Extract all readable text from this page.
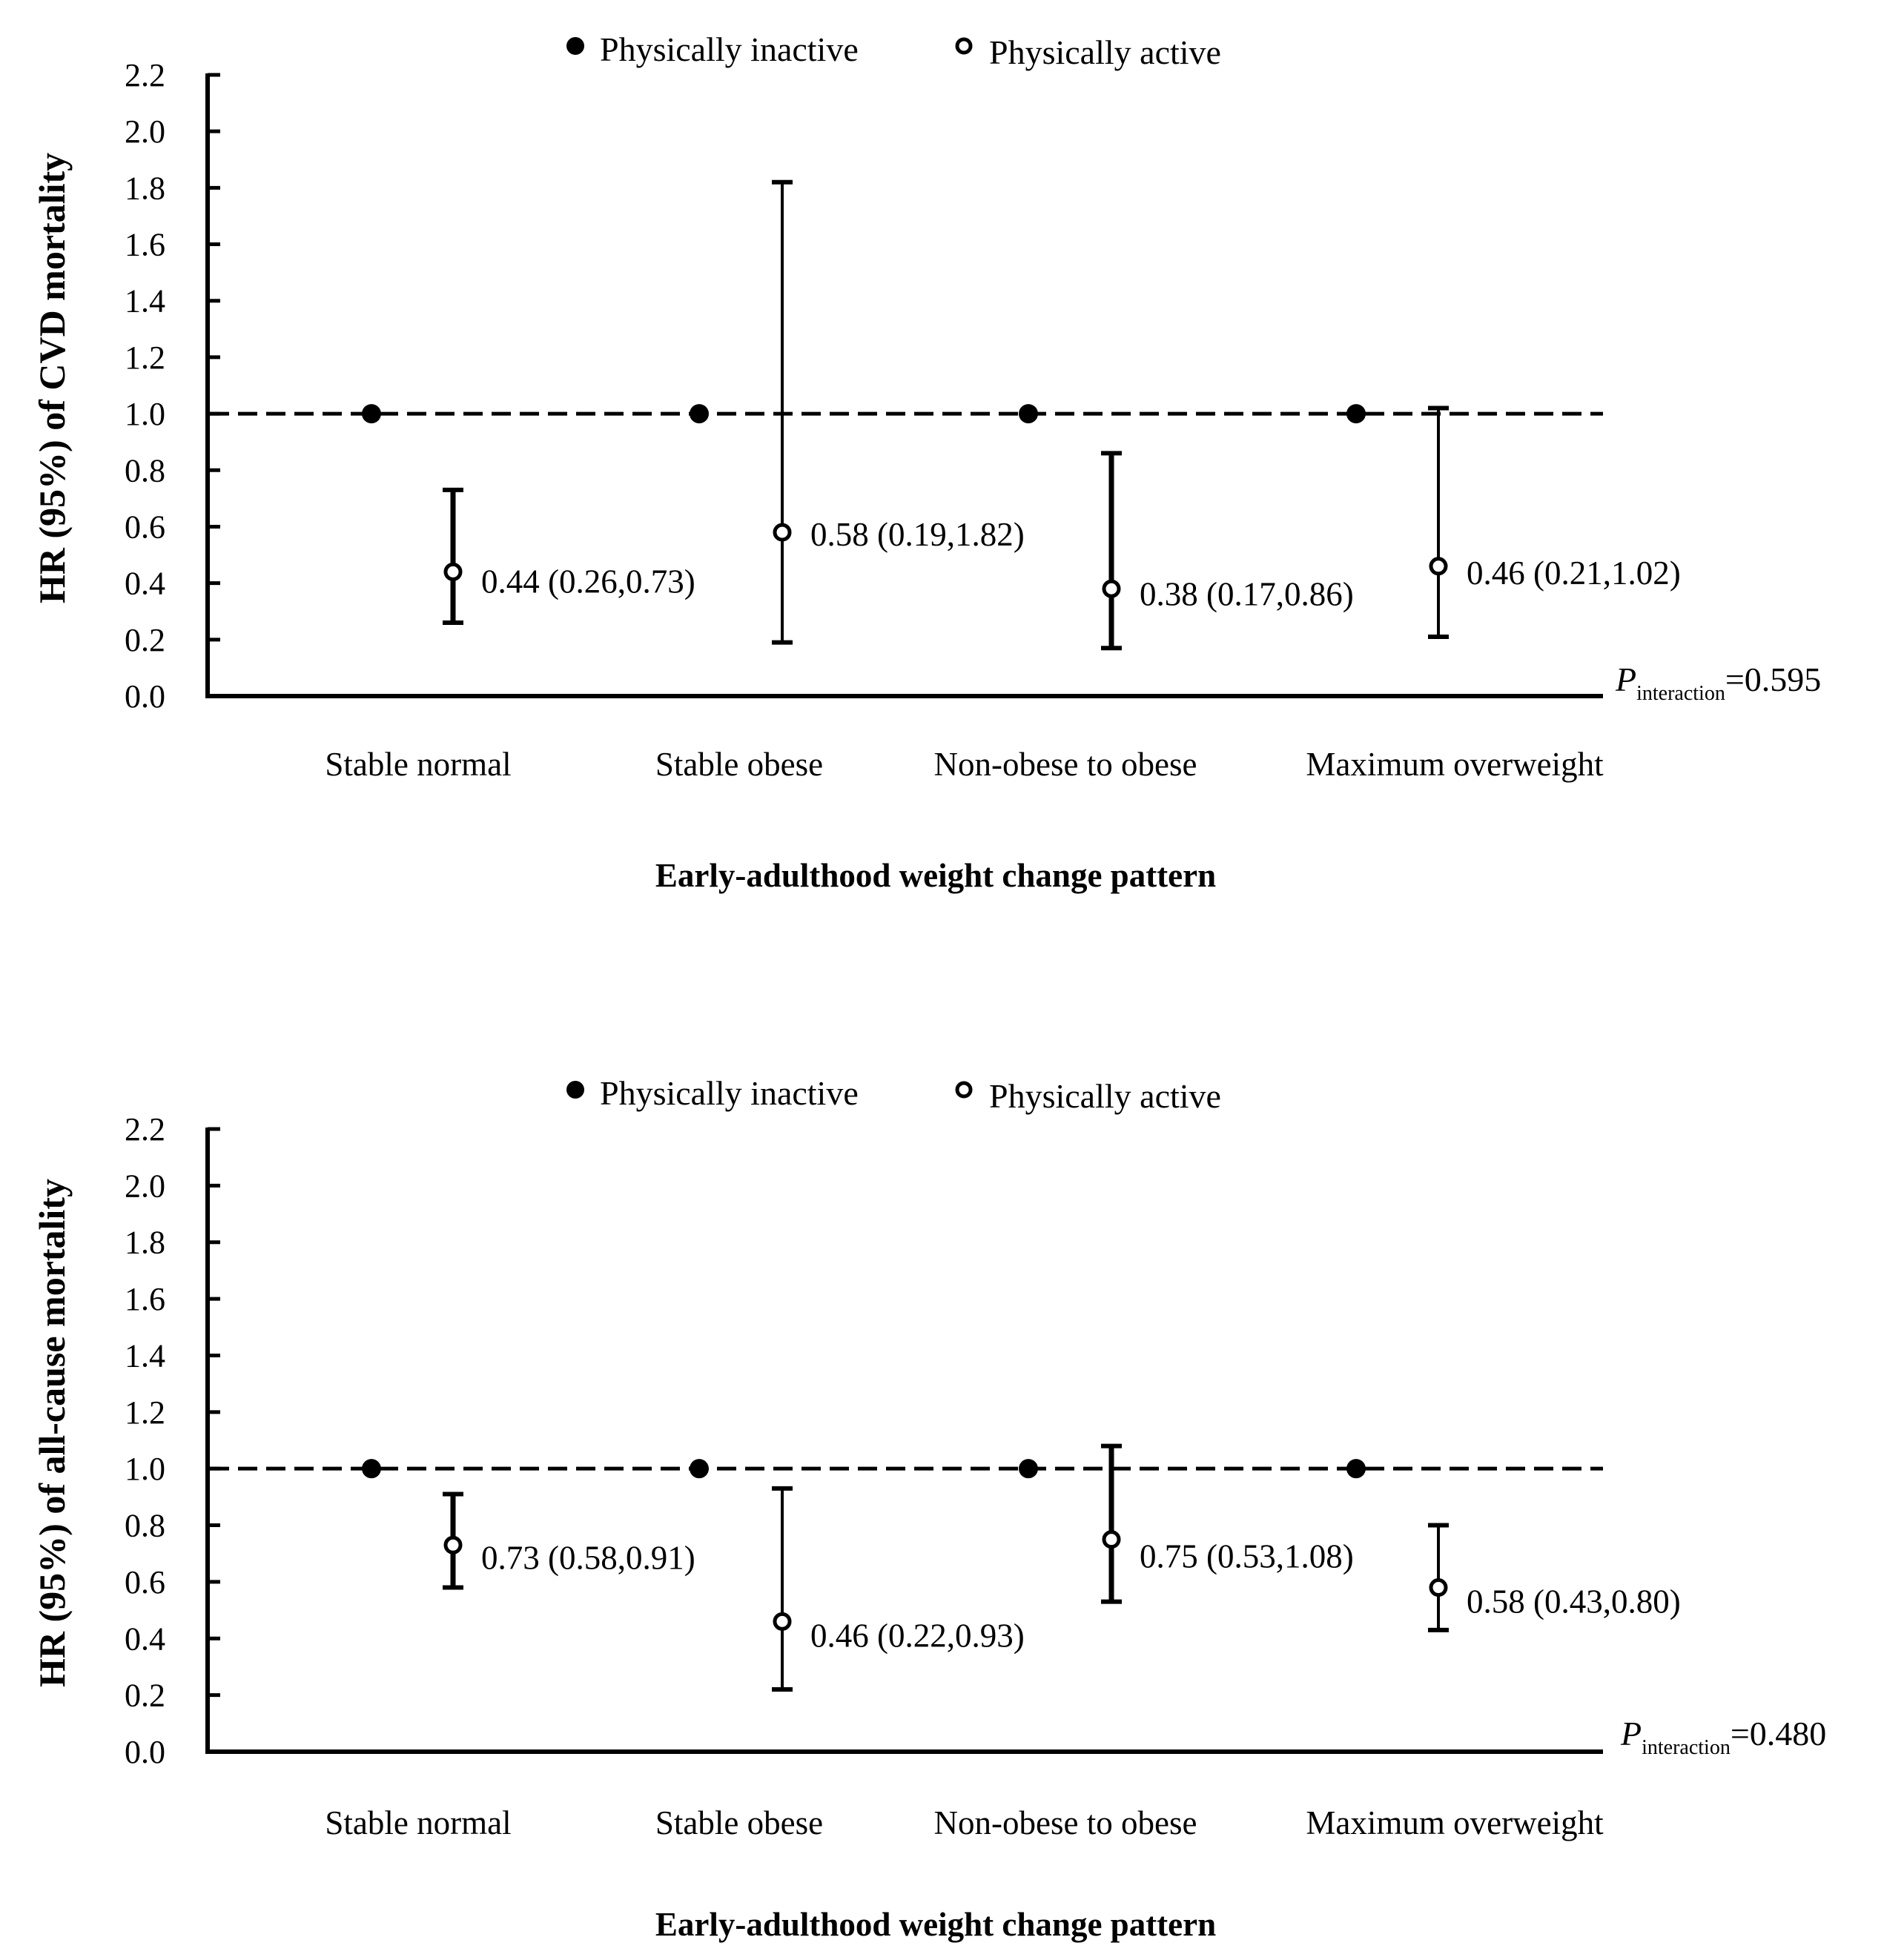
Physically inactive	Physically active
HR (95%) of CVD mortality
0.0
0.2
0.4
0.6
0.8
1.0
1.2
1.4
1.6
1.8
2.0
2.2
0.44 (0.26,0.73)
0.58 (0.19,1.82)
0.38 (0.17,0.86)
0.46 (0.21,1.02)
Stable normal	Stable obese	Non-obese to obese	Maximum overweight
Early-adulthood weight change pattern
$P_{interaction}=0.595$
Physically inactive	Physically active
HR (95%) of all-cause mortality
0.0
0.2
0.4
0.6
0.8
1.0
1.2
1.4
1.6
1.8
2.0
2.2
0.73 (0.58,0.91)
0.46 (0.22,0.93)
0.75 (0.53,1.08)
0.58 (0.43,0.80)
Stable normal	Stable obese	Non-obese to obese	Maximum overweight
Early-adulthood weight change pattern
$P_{interaction}=0.480$
